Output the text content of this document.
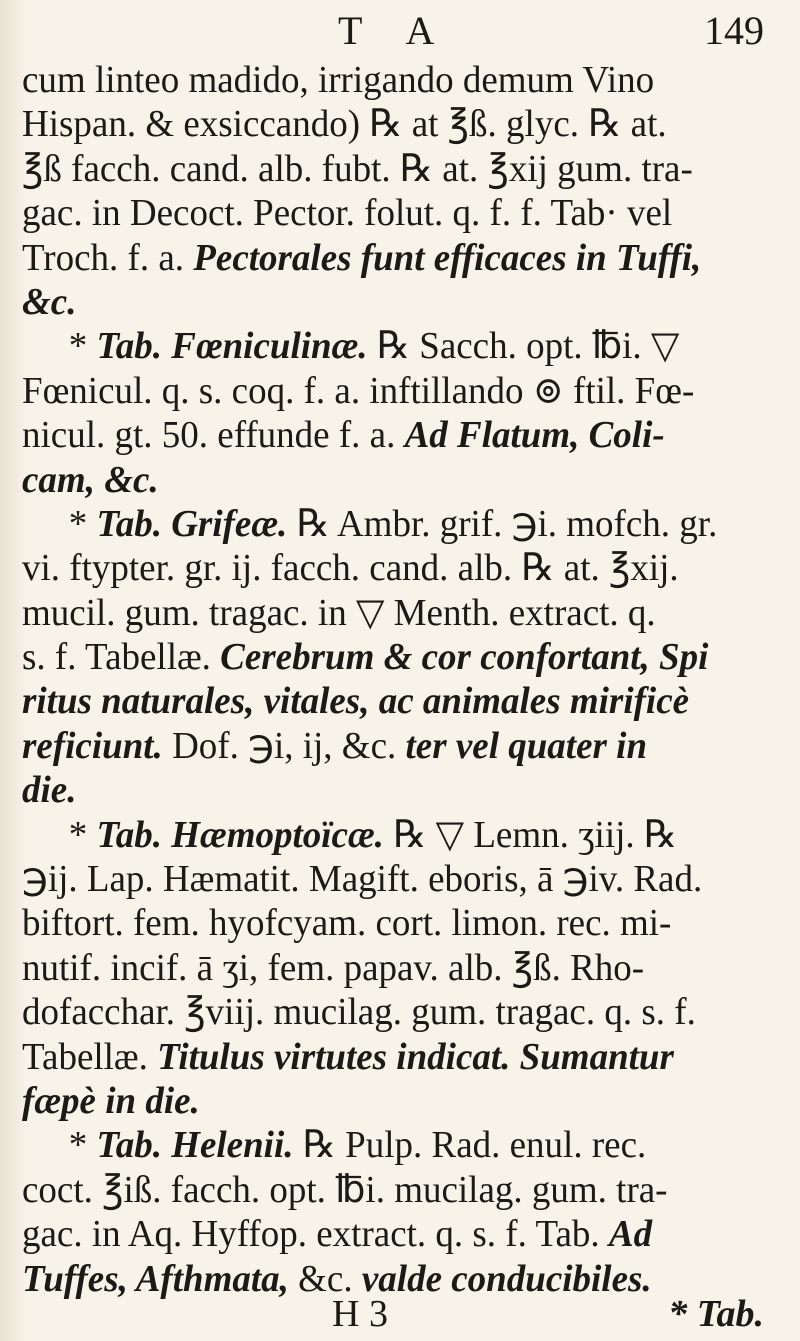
T A	149
cum linteo madido, irrigando demum Vino
Hispan. & exsiccando) ℞ at ℥ß. glyc. ℞ at.
℥ß facch. cand. alb. fubt. ℞ at. ℥xij gum. tra-
gac. in Decoct. Pector. folut. q. f. f. Tab· vel
Troch. f. a. Pectorales funt efficaces in Tuffi,
&c.
* Tab. Fœniculinæ. ℞ Sacch. opt. ℔i. ▽
Fœnicul. q. s. coq. f. a. inftillando ⊚ ftil. Fœ-
nicul. gt. 50. effunde f. a. Ad Flatum, Coli-
cam, &c.
* Tab. Grifeæ. ℞ Ambr. grif. ℈i. mofch. gr.
vi. ftypter. gr. ij. facch. cand. alb. ℞ at. ℥xij.
mucil. gum. tragac. in ▽ Menth. extract. q.
s. f. Tabellæ. Cerebrum & cor confortant, Spi
ritus naturales, vitales, ac animales mirificè
reficiunt. Dof. ℈i, ij, &c. ter vel quater in
die.
* Tab. Hæmoptoïcæ. ℞ ▽ Lemn. ʒiij. ℞
℈ij. Lap. Hæmatit. Magift. eboris, ā ℈iv. Rad.
biftort. fem. hyofcyam. cort. limon. rec. mi-
nutif. incif. ā ʒi, fem. papav. alb. ℥ß. Rho-
dofacchar. ℥viij. mucilag. gum. tragac. q. s. f.
Tabellæ. Titulus virtutes indicat. Sumantur
fæpè in die.
* Tab. Helenii. ℞ Pulp. Rad. enul. rec.
coct. ℥iß. facch. opt. ℔i. mucilag. gum. tra-
gac. in Aq. Hyffop. extract. q. s. f. Tab. Ad
Tuffes, Afthmata, &c. valde conducibiles.
H 3	* Tab.
